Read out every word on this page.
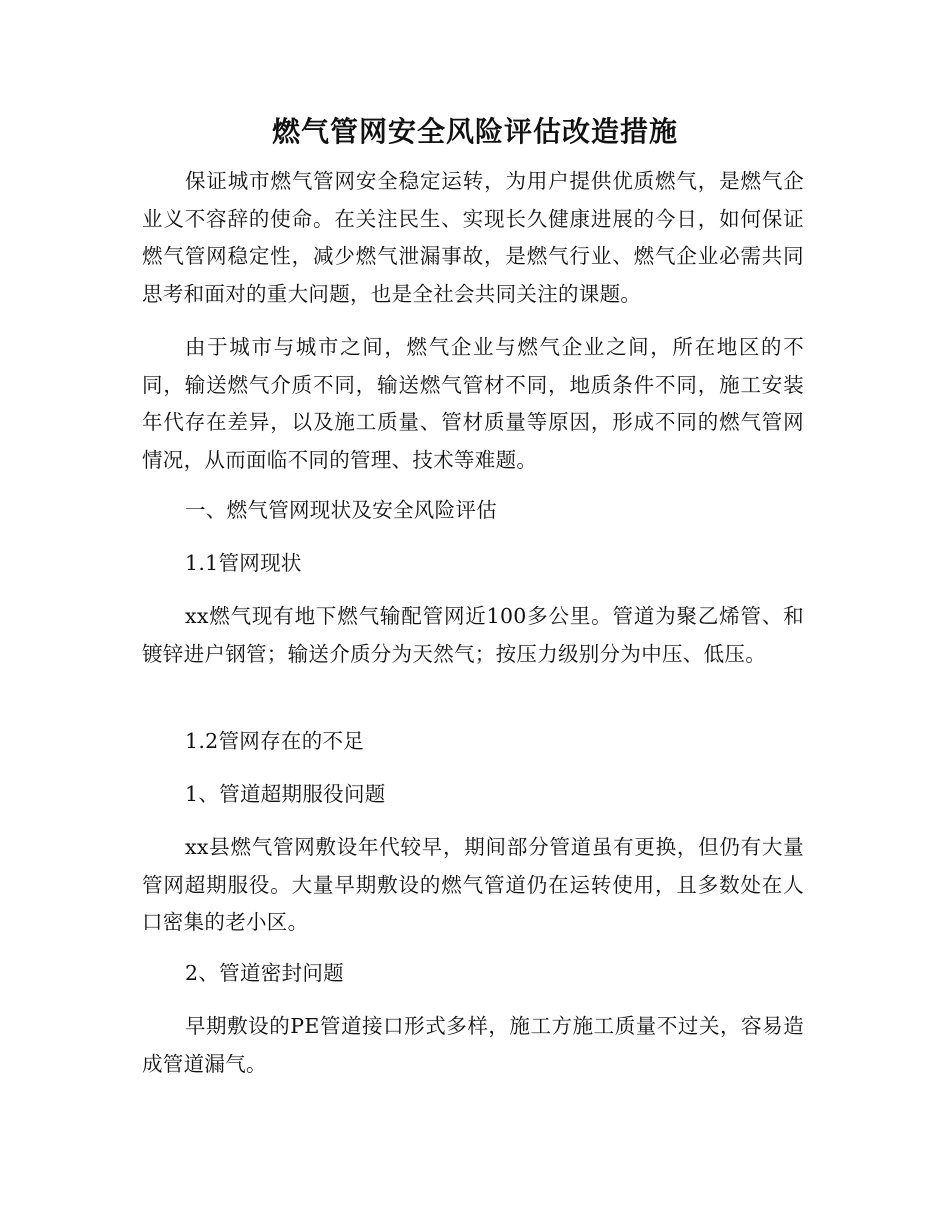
燃气管网安全风险评估改造措施

保证城市燃气管网安全稳定运转，为用户提供优质燃气，是燃气企业义不容辞的使命。在关注民生、实现长久健康进展的今日，如何保证燃气管网稳定性，减少燃气泄漏事故，是燃气行业、燃气企业必需共同思考和面对的重大问题，也是全社会共同关注的课题。

由于城市与城市之间，燃气企业与燃气企业之间，所在地区的不同，输送燃气介质不同，输送燃气管材不同，地质条件不同，施工安装年代存在差异，以及施工质量、管材质量等原因，形成不同的燃气管网情况，从而面临不同的管理、技术等难题。

一、燃气管网现状及安全风险评估

1.1管网现状

xx燃气现有地下燃气输配管网近100多公里。管道为聚乙烯管、和镀锌进户钢管；输送介质分为天然气；按压力级别分为中压、低压。

1.2管网存在的不足

1、管道超期服役问题

xx县燃气管网敷设年代较早，期间部分管道虽有更换，但仍有大量管网超期服役。大量早期敷设的燃气管道仍在运转使用，且多数处在人口密集的老小区。

2、管道密封问题

早期敷设的PE管道接口形式多样，施工方施工质量不过关，容易造成管道漏气。
